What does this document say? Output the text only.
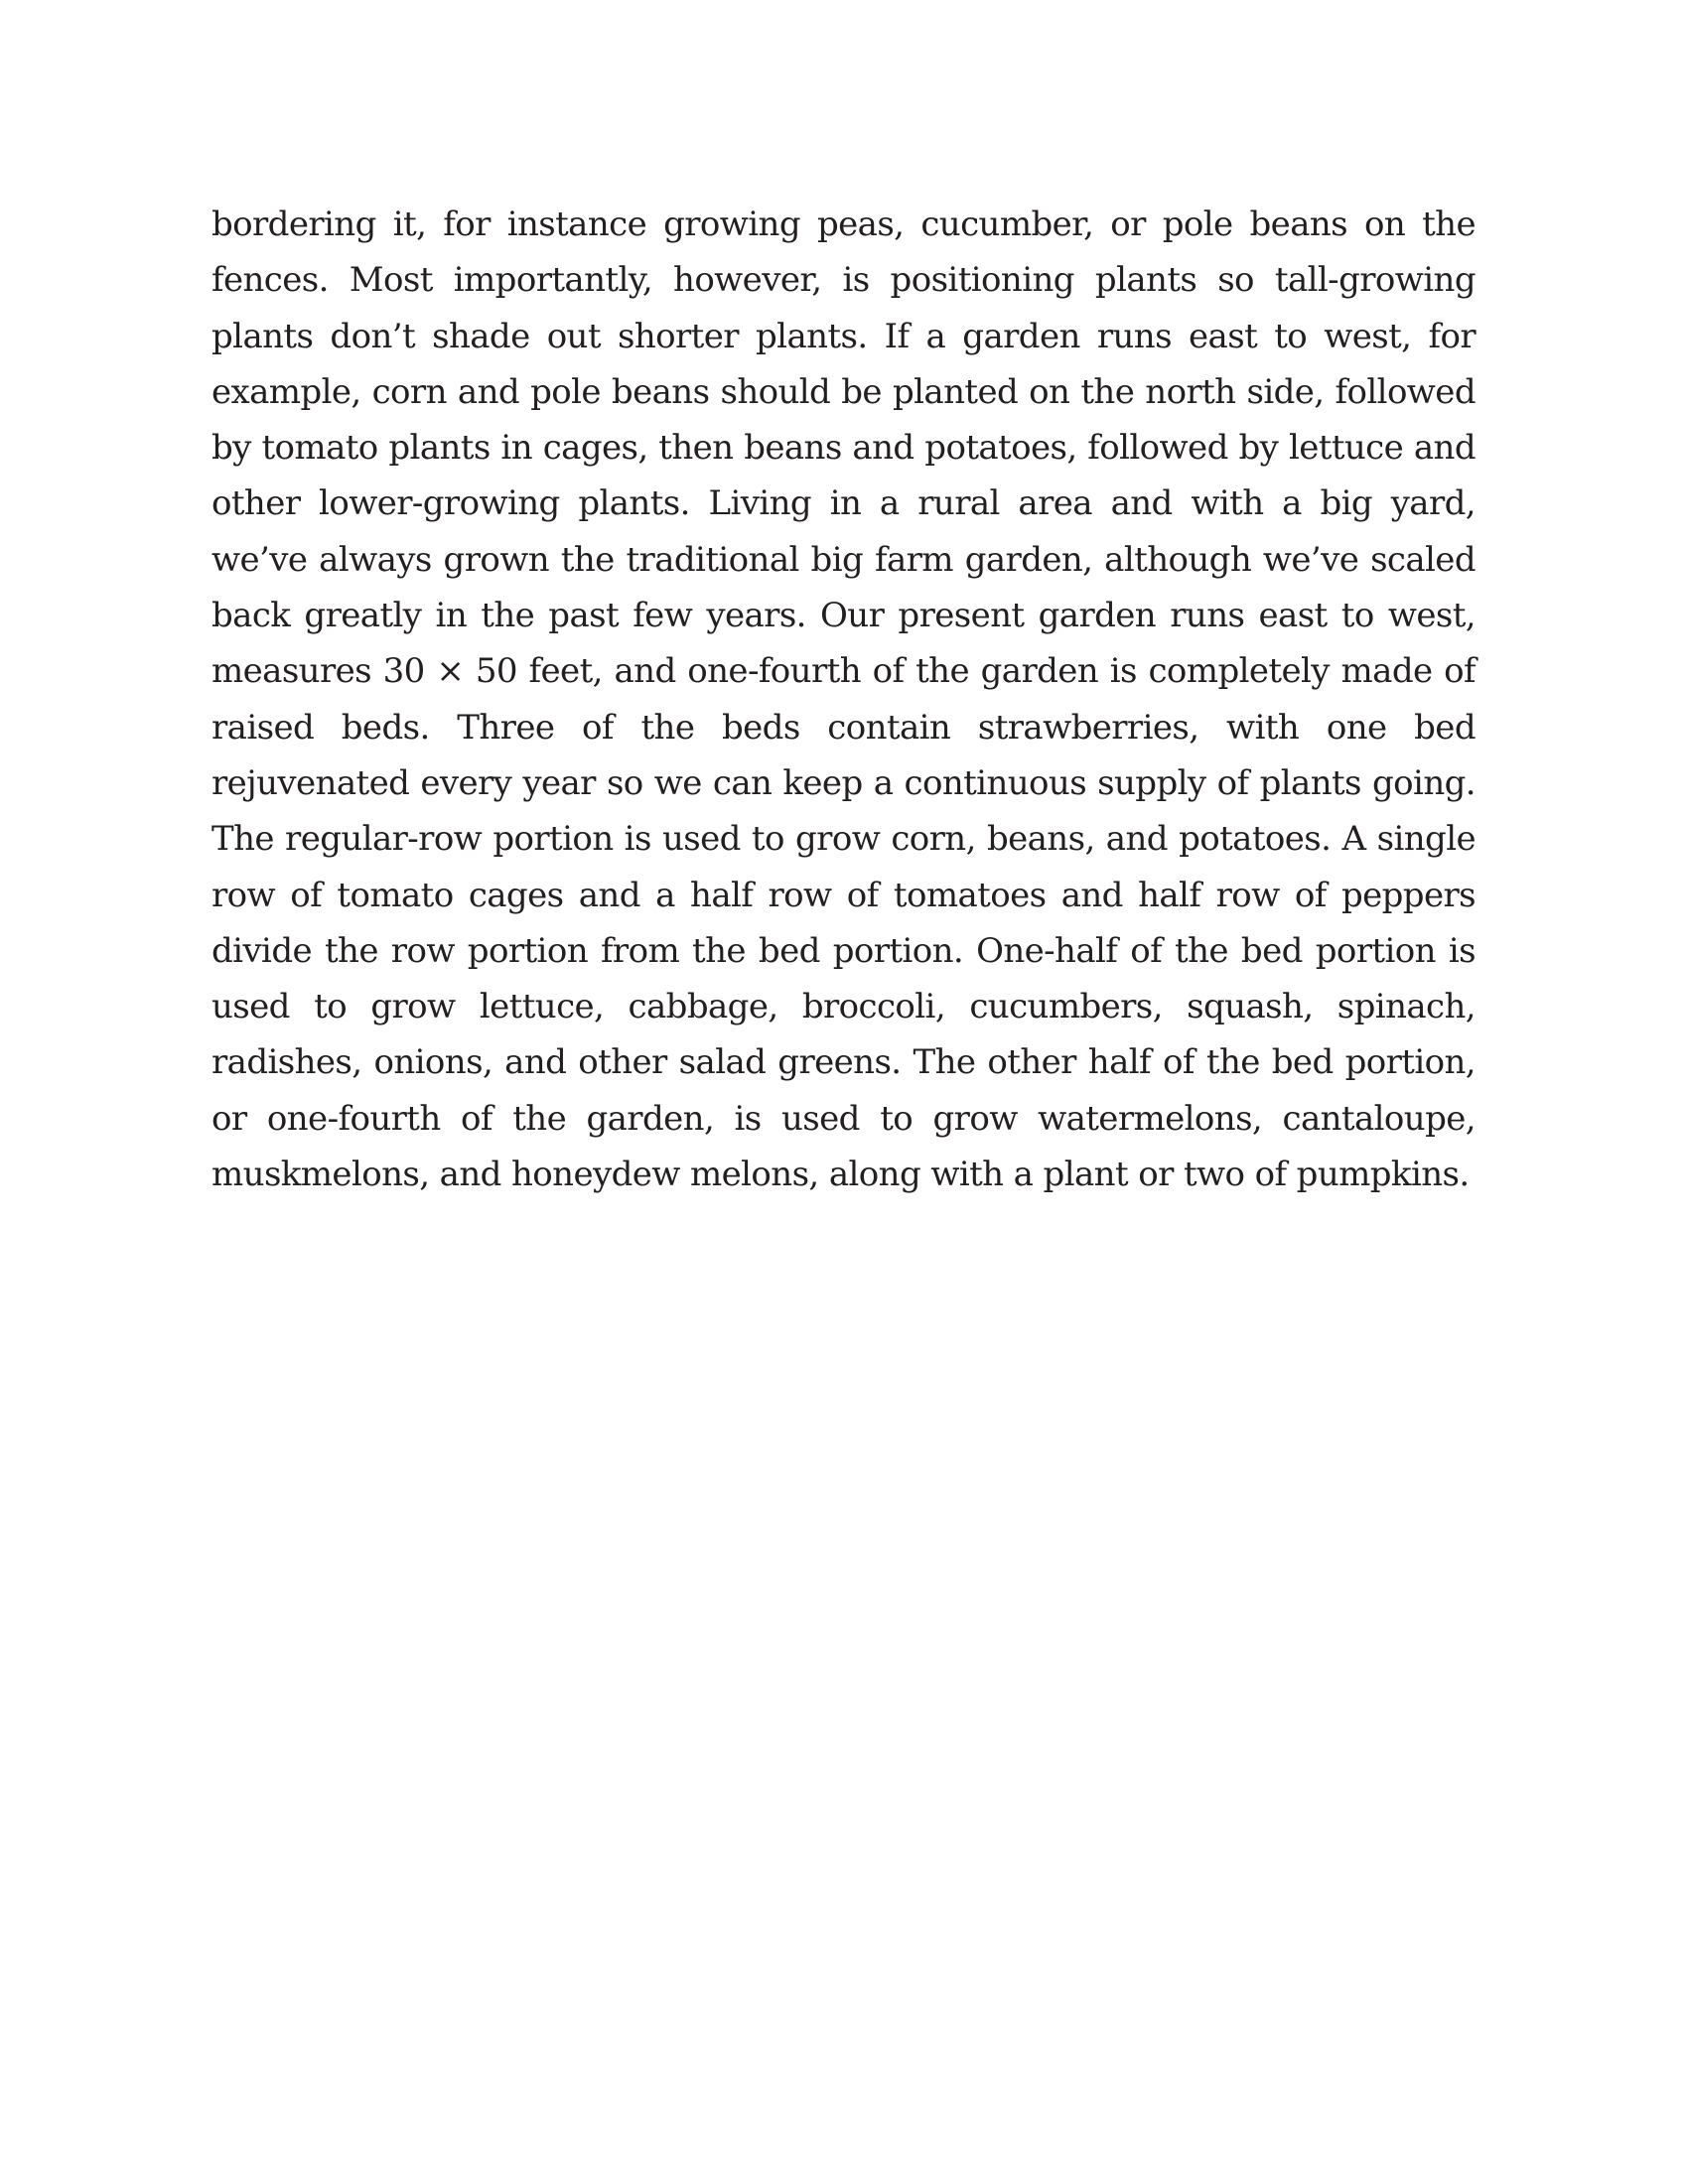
bordering it, for instance growing peas, cucumber, or pole beans on the fences. Most importantly, however, is positioning plants so tall-growing plants don’t shade out shorter plants. If a garden runs east to west, for example, corn and pole beans should be planted on the north side, followed by tomato plants in cages, then beans and potatoes, followed by lettuce and other lower-growing plants. Living in a rural area and with a big yard, we’ve always grown the traditional big farm garden, although we’ve scaled back greatly in the past few years. Our present garden runs east to west, measures 30 × 50 feet, and one-fourth of the garden is completely made of raised beds. Three of the beds contain strawberries, with one bed rejuvenated every year so we can keep a continuous supply of plants going. The regular-row portion is used to grow corn, beans, and potatoes. A single row of tomato cages and a half row of tomatoes and half row of peppers divide the row portion from the bed portion. One-half of the bed portion is used to grow lettuce, cabbage, broccoli, cucumbers, squash, spinach, radishes, onions, and other salad greens. The other half of the bed portion, or one-fourth of the garden, is used to grow watermelons, cantaloupe, muskmelons, and honeydew melons, along with a plant or two of pumpkins.
